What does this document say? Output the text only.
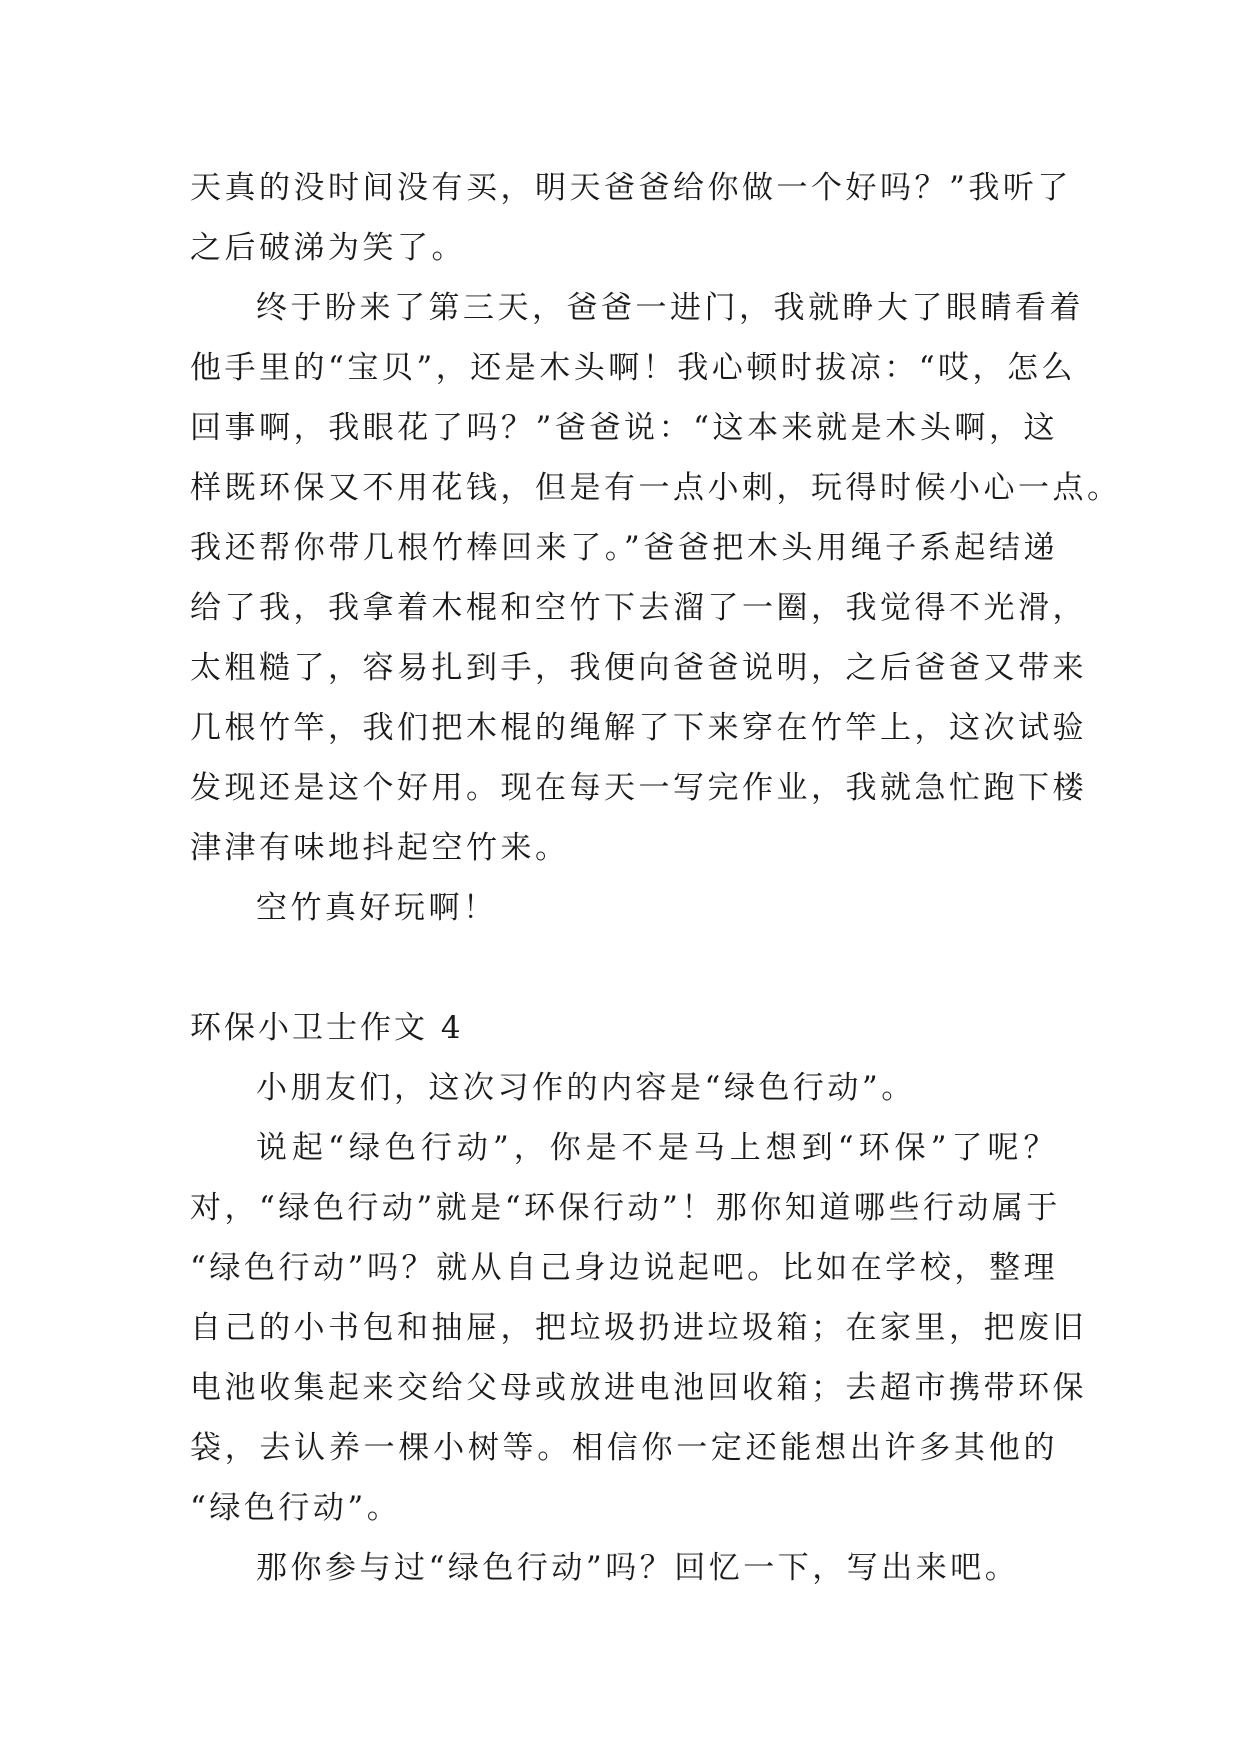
天真的没时间没有买，明天爸爸给你做一个好吗？”我听了
之后破涕为笑了。
终于盼来了第三天，爸爸一进门，我就睁大了眼睛看着
他手里的“宝贝”，还是木头啊！我心顿时拔凉：“哎，怎么
回事啊，我眼花了吗？”爸爸说：“这本来就是木头啊，这
样既环保又不用花钱，但是有一点小刺，玩得时候小心一点。
我还帮你带几根竹棒回来了。”爸爸把木头用绳子系起结递
给了我，我拿着木棍和空竹下去溜了一圈，我觉得不光滑，
太粗糙了，容易扎到手，我便向爸爸说明，之后爸爸又带来
几根竹竿，我们把木棍的绳解了下来穿在竹竿上，这次试验
发现还是这个好用。现在每天一写完作业，我就急忙跑下楼
津津有味地抖起空竹来。
空竹真好玩啊！
环保小卫士作文 4
小朋友们，这次习作的内容是“绿色行动”。
说起“绿色行动”，你是不是马上想到“环保”了呢？
对，“绿色行动”就是“环保行动”！那你知道哪些行动属于
“绿色行动”吗？就从自己身边说起吧。比如在学校，整理
自己的小书包和抽屉，把垃圾扔进垃圾箱；在家里，把废旧
电池收集起来交给父母或放进电池回收箱；去超市携带环保
袋，去认养一棵小树等。相信你一定还能想出许多其他的
“绿色行动”。
那你参与过“绿色行动”吗？回忆一下，写出来吧。
